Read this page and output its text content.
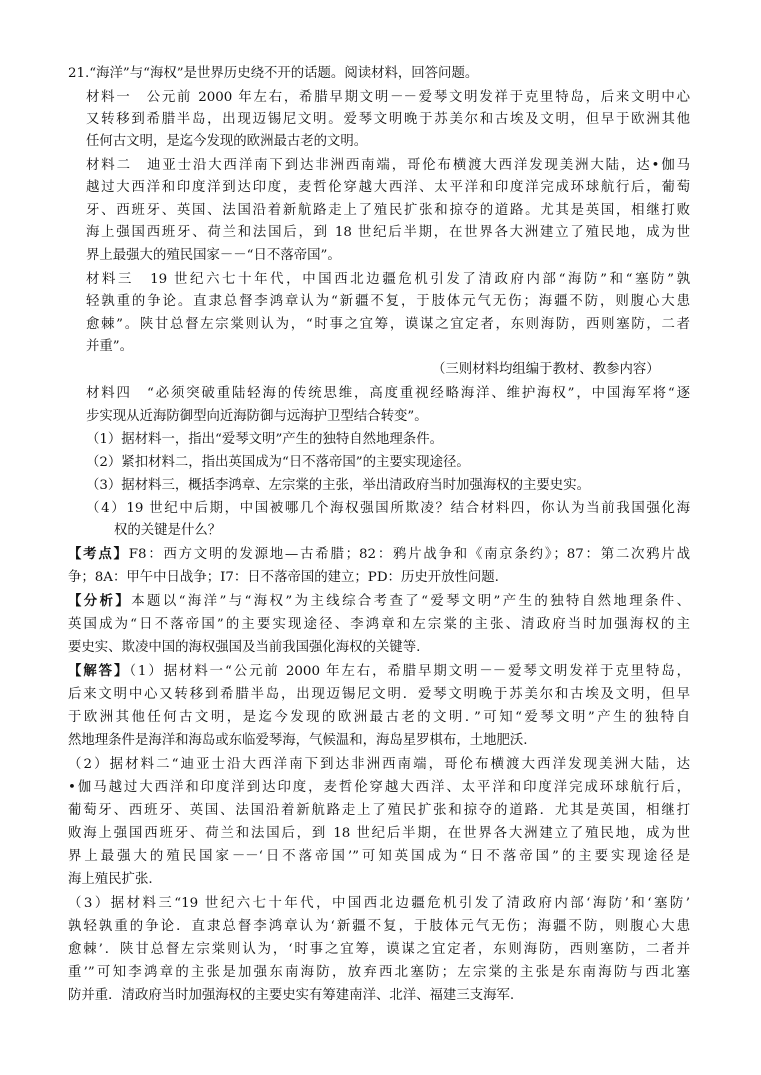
21.“海洋”与“海权”是世界历史绕不开的话题。阅读材料，回答问题。
材料一　公元前 2000 年左右，希腊早期文明－－爱琴文明发祥于克里特岛，后来文明中心
又转移到希腊半岛，出现迈锡尼文明。爱琴文明晚于苏美尔和古埃及文明，但早于欧洲其他
任何古文明，是迄今发现的欧洲最古老的文明。
材料二　迪亚士沿大西洋南下到达非洲西南端，哥伦布横渡大西洋发现美洲大陆，达•伽马
越过大西洋和印度洋到达印度，麦哲伦穿越大西洋、太平洋和印度洋完成环球航行后，葡萄
牙、西班牙、英国、法国沿着新航路走上了殖民扩张和掠夺的道路。尤其是英国，相继打败
海上强国西班牙、荷兰和法国后，到 18 世纪后半期，在世界各大洲建立了殖民地，成为世
界上最强大的殖民国家－－“日不落帝国”。
材料三　19 世纪六七十年代，中国西北边疆危机引发了清政府内部“海防”和“塞防”孰
轻孰重的争论。直隶总督李鸿章认为“新疆不复，于肢体元气无伤；海疆不防，则腹心大患
愈棘”。陕甘总督左宗棠则认为，“时事之宜筹，谟谋之宜定者，东则海防，西则塞防，二者
并重”。
（三则材料均组编于教材、教参内容）
材料四　“必须突破重陆轻海的传统思维，高度重视经略海洋、维护海权”，中国海军将“逐
步实现从近海防御型向近海防御与远海护卫型结合转变”。
（1）据材料一，指出“爱琴文明”产生的独特自然地理条件。
（2）紧扣材料二，指出英国成为“日不落帝国”的主要实现途径。
（3）据材料三，概括李鸿章、左宗棠的主张，举出清政府当时加强海权的主要史实。
（4）19 世纪中后期，中国被哪几个海权强国所欺凌？结合材料四，你认为当前我国强化海
权的关键是什么？
【考点】F8：西方文明的发源地—古希腊；82：鸦片战争和《南京条约》；87：第二次鸦片战
争；8A：甲午中日战争；I7：日不落帝国的建立；PD：历史开放性问题.
【分析】本题以“海洋”与“海权”为主线综合考查了“爱琴文明”产生的独特自然地理条件、
英国成为“日不落帝国”的主要实现途径、李鸿章和左宗棠的主张、清政府当时加强海权的主
要史实、欺凌中国的海权强国及当前我国强化海权的关键等.
【解答】（1）据材料一“公元前 2000 年左右，希腊早期文明－－爱琴文明发祥于克里特岛，
后来文明中心又转移到希腊半岛，出现迈锡尼文明．爱琴文明晚于苏美尔和古埃及文明，但早
于欧洲其他任何古文明，是迄今发现的欧洲最古老的文明．”可知“爱琴文明”产生的独特自
然地理条件是海洋和海岛或东临爱琴海，气候温和，海岛星罗棋布，土地肥沃.
（2）据材料二“迪亚士沿大西洋南下到达非洲西南端，哥伦布横渡大西洋发现美洲大陆，达
•伽马越过大西洋和印度洋到达印度，麦哲伦穿越大西洋、太平洋和印度洋完成环球航行后，
葡萄牙、西班牙、英国、法国沿着新航路走上了殖民扩张和掠夺的道路．尤其是英国，相继打
败海上强国西班牙、荷兰和法国后，到 18 世纪后半期，在世界各大洲建立了殖民地，成为世
界上最强大的殖民国家－－‘日不落帝国’”可知英国成为“日不落帝国”的主要实现途径是
海上殖民扩张.
（3）据材料三“19 世纪六七十年代，中国西北边疆危机引发了清政府内部‘海防’和‘塞防’
孰轻孰重的争论．直隶总督李鸿章认为‘新疆不复，于肢体元气无伤；海疆不防，则腹心大患
愈棘’．陕甘总督左宗棠则认为，‘时事之宜筹，谟谋之宜定者，东则海防，西则塞防，二者并
重’”可知李鸿章的主张是加强东南海防，放弃西北塞防；左宗棠的主张是东南海防与西北塞
防并重．清政府当时加强海权的主要史实有筹建南洋、北洋、福建三支海军.
